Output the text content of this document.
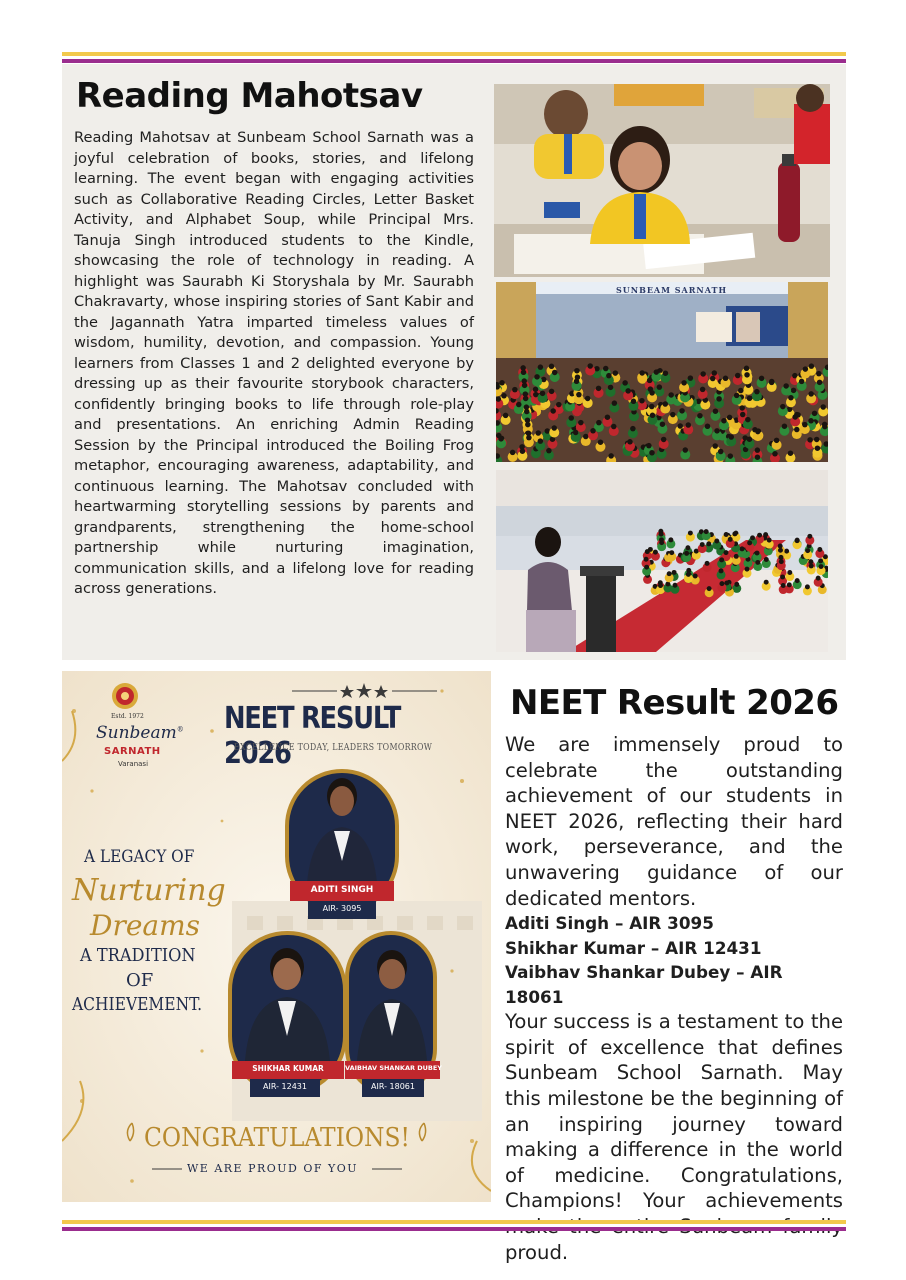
Reading Mahotsav

Reading Mahotsav at Sunbeam School Sarnath was a joyful celebration of books, stories, and lifelong learning. The event began with engaging activities such as Collaborative Reading Circles, Letter Basket Activity, and Alphabet Soup, while Principal Mrs. Tanuja Singh introduced students to the Kindle, showcasing the role of technology in reading. A highlight was Saurabh Ki Storyshala by Mr. Saurabh Chakravarty, whose inspiring stories of Sant Kabir and the Jagannath Yatra imparted timeless values of wisdom, humility, devotion, and compassion. Young learners from Classes 1 and 2 delighted everyone by dressing up as their favourite storybook characters, confidently bringing books to life through role-play and presentations. An enriching Admin Reading Session by the Principal introduced the Boiling Frog metaphor, encouraging awareness, adaptability, and continuous learning. The Mahotsav concluded with heartwarming storytelling sessions by parents and grandparents, strengthening the home-school partnership while nurturing imagination, communication skills, and a lifelong love for reading across generations.

SUNBEAM SARNATH
Estd. 1972
Sunbeam®
SARNATH
Varanasi
NEET RESULT 2026
EXCELLENCE TODAY, LEADERS TOMORROW
A LEGACY OF
Nurturing
Dreams
A TRADITION
OF
ACHIEVEMENT.
ADITI SINGH
AIR- 3095
SHIKHAR KUMAR
AIR- 12431
VAIBHAV SHANKAR DUBEY
AIR- 18061
CONGRATULATIONS!
WE ARE PROUD OF YOU
NEET Result 2026

We are immensely proud to celebrate the outstanding achievement of our students in NEET 2026, reflecting their hard work, perseverance, and the unwavering guidance of our dedicated mentors.

Aditi Singh – AIR 3095
Shikhar Kumar – AIR 12431
Vaibhav Shankar Dubey – AIR 18061

Your success is a testament to the spirit of excellence that defines Sunbeam School Sarnath. May this milestone be the beginning of an inspiring journey toward making a difference in the world of medicine. Congratulations, Champions! Your achievements proud.
